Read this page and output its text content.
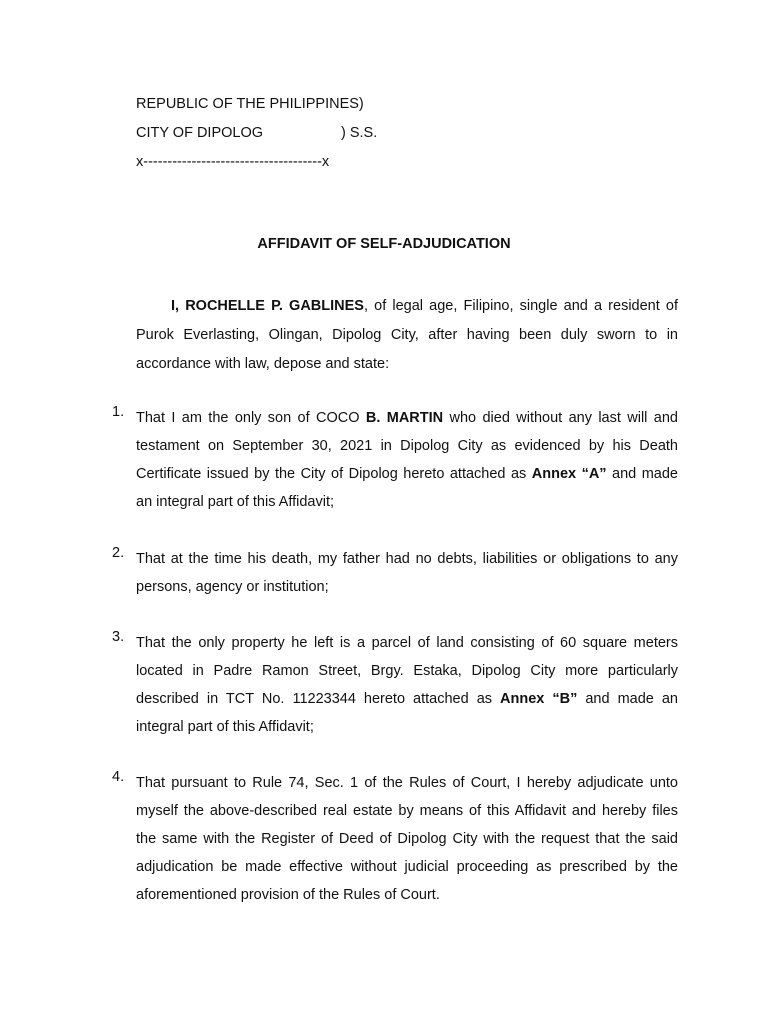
REPUBLIC OF THE PHILIPPINES)
CITY OF DIPOLOG	) S.S.
x-------------------------------------x
AFFIDAVIT OF SELF-ADJUDICATION
I, ROCHELLE P. GABLINES, of legal age, Filipino, single and a resident of Purok Everlasting, Olingan, Dipolog City, after having been duly sworn to in accordance with law, depose and state:
1. That I am the only son of COCO B. MARTIN who died without any last will and testament on September 30, 2021 in Dipolog City as evidenced by his Death Certificate issued by the City of Dipolog hereto attached as Annex “A” and made an integral part of this Affidavit;
2. That at the time his death, my father had no debts, liabilities or obligations to any persons, agency or institution;
3. That the only property he left is a parcel of land consisting of 60 square meters located in Padre Ramon Street, Brgy. Estaka, Dipolog City more particularly described in TCT No. 11223344 hereto attached as Annex “B” and made an integral part of this Affidavit;
4. That pursuant to Rule 74, Sec. 1 of the Rules of Court, I hereby adjudicate unto myself the above-described real estate by means of this Affidavit and hereby files the same with the Register of Deed of Dipolog City with the request that the said adjudication be made effective without judicial proceeding as prescribed by the aforementioned provision of the Rules of Court.
